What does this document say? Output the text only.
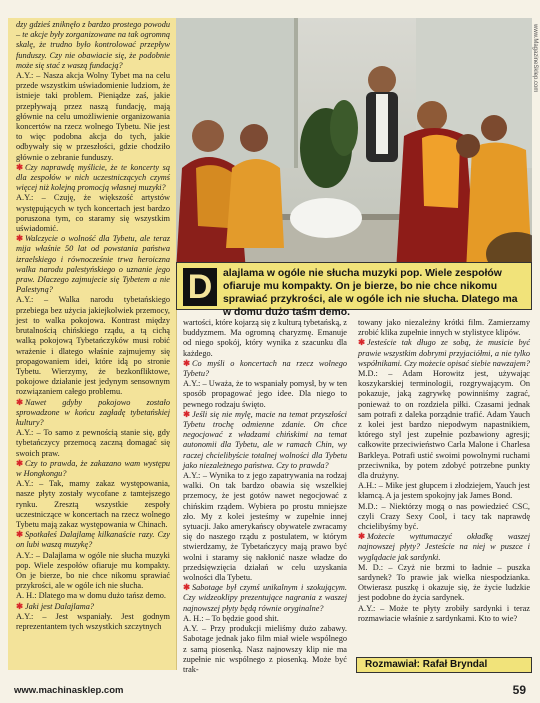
www.MagazineSklep.com

dzy gdzieś zniknęło z bardzo prostego powodu – te akcje były zorganizowane na tak ogromną skalę, że trudno było kontrolować przepływ funduszy. Czy nie obawiacie się, że podobnie może się stać z waszą fundacją?

A.Y.: – Nasza akcja Wolny Tybet ma na celu przede wszystkim uświadomienie ludziom, że istnieje taki problem. Pieniądze zaś, jakie przepływają przez naszą fundację, mają głównie na celu umożliwienie organizowania koncertów na rzecz wolnego Tybetu. Nie jest to więc podobna akcja do tych, jakie odbywały się w przeszłości, gdzie chodziło głównie o zebranie funduszy.

✱ Czy naprawdę myślicie, że te koncerty są dla zespołów w nich uczestniczących czymś więcej niż kolejną promocją własnej muzyki?

A.Y.: – Czuję, że większość artystów występujących w tych koncertach jest bardzo poruszona tym, co staramy się wszystkim uświadomić.

✱ Walczycie o wolność dla Tybetu, ale teraz mija właśnie 50 lat od powstania państwa izraelskiego i równocześnie trwa heroiczna walka narodu palestyńskiego o uznanie jego praw. Dlaczego zajmujecie się Tybetem a nie Palestyną?

A.Y.: – Walka narodu tybetańskiego przebiega bez użycia jakiejkolwiek przemocy, jest to walka pokojowa. Kontrast między brutalnością chińskiego rządu, a tą cichą walką pokojową Tybetańczyków musi robić wrażenie i dlatego właśnie zajmujemy się propagowaniem idei, które idą po stronie Tybetu. Wierzymy, że bezkonfliktowe, pokojowe działanie jest jedynym sensownym rozwiązaniem całego problemu.

✱ Nawet gdyby pokojowo zostało sprowadzone w końcu zagładę tybetańskiej kultury?

A.Y.: – To samo z pewnością stanie się, gdy tybetańczycy przemocą zaczną domagać się swoich praw.

✱ Czy to prawda, że zakazano wam występu w Hongkongu?

A.Y.: – Tak, mamy zakaz występowania, nasze płyty zostały wycofane z tamtejszego rynku. Zresztą wszystkie zespoły uczestniczące w koncertach na rzecz wolnego Tybetu mają zakaz występowania w Chinach.

✱ Spotkałeś Dalajlamę kilkanaście razy. Czy on lubi waszą muzykę?

A.Y.: – Dalajlama w ogóle nie słucha muzyki pop. Wiele zespołów ofiaruje mu kompakty. On je bierze, bo nie chce nikomu sprawiać przykrości, ale w ogóle ich nie słucha.

A. H.: Dlatego ma w domu dużo tańsz demo.

✱ Jaki jest Dalajlama?

A.Y.: – Jest wspaniały. Jest godnym reprezentantem tych wszystkich szczytnych

D	alajlama w ogóle nie słucha muzyki pop. Wiele zespołów ofiaruje mu kompakty. On je bierze, bo nie chce nikomu sprawiać przykrości, ale w ogóle ich nie słucha. Dlatego ma w domu dużo taśm demo.

wartości, które kojarzą się z kulturą tybetańską, z buddyzmem. Ma ogromną charyzmę. Emanuje od niego spokój, który wynika z szacunku dla każdego.

✱ Co myśli o koncertach na rzecz wolnego Tybetu?

A.Y.: – Uważa, że to wspaniały pomysł, by w ten sposób propagować jego idee. Dla niego to pewnego rodzaju święto.

✱ Jeśli się nie mylę, macie na temat przyszłości Tybetu trochę odmienne zdanie. On chce negocjować z władzami chińskimi na temat autonomii dla Tybetu, ale w ramach Chin, wy raczej chcielibyście totalnej wolności dla Tybetu jako niezależnego państwa. Czy to prawda?

A.Y.: – Wynika to z jego zapatrywania na rodzaj walki. On tak bardzo obawia się wszelkiej przemocy, że jest gotów nawet negocjować z chińskim rządem. Wybiera po prostu mniejsze zło. My z kolei jesteśmy w zupełnie innej sytuacji. Jako amerykańscy obywatele zwracamy się do naszego rządu z postulatem, w którym stwierdzamy, że Tybetańczycy mają prawo być wolni i staramy się nakłonić nasze władze do przedsięwzięcia działań w celu uzyskania wolności dla Tybetu.

✱ Sabotage był czymś unikalnym i szokującym. Czy widzeoklipy prezentujące nagrania z waszej najnowszej płyty będą równie oryginalne?

A. H.: – To będzie good shit.

A.Y. – Przy produkcji mieliśmy dużo zabawy. Sabotage jednak jako film miał wiele wspólnego z samą piosenką. Nasz najnowszy klip nie ma zupełnie nic wspólnego z piosenką. Może być trak-

towany jako niezależny krótki film. Zamierzamy zrobić klika zupełnie innych w stylistyce klipów.

✱ Jesteście tak długo ze sobą, że musicie być prawie wszystkim dobrymi przyjaciółmi, a nie tylko współnikami. Czy możecie opisać siebie nawzajem?

M.D.: – Adam Horowitz jest, używając koszykarskiej terminologii, rozgrywającym. On pokazuje, jaką zagrywkę powinniśmy zagrać, ponieważ to on rozdziela piłki. Czasami jednak sam potrafi z daleka porządnie trafić. Adam Yauch z kolei jest bardzo niepodwym napastnikiem, którego styl jest zupełnie pozbawiony agresji; całkowite przeciwieństwo Carla Malone i Charlesa Barkleya. Potrafi ustić swoimi powolnymi ruchami przeciwnika, by potem zdobyć potrzebne punkty dla drużyny.

A.H.: – Mike jest głupcem i złodziejem, Yauch jest kłamcą. A ja jestem spokojny jak James Bond.

M.D.: – Niektórzy mogą o nas powiedzieć CSC, czyli Crazy Sexy Cool, i tacy tak naprawdę chcielibyśmy być.

✱ Możecie wyttumaczyć okładkę waszej najnowszej płyty? Jesteście na niej w puszce i wyglądacie jak sardynki.

M. D.: – Czyż nie brzmi to ładnie – puszka sardynek? To prawie jak wielka niespodzianka. Otwierasz puszkę i okazuje się, że życie ludzkie jest podobne do życia sardynek.

A.Y.: – Może te płyty zrobiły sardynki i teraz rozmawiacie właśnie z sardynkami. Kto to wie?

Rozmawiał: Rafał Bryndal
www.machinasklep.com	59
